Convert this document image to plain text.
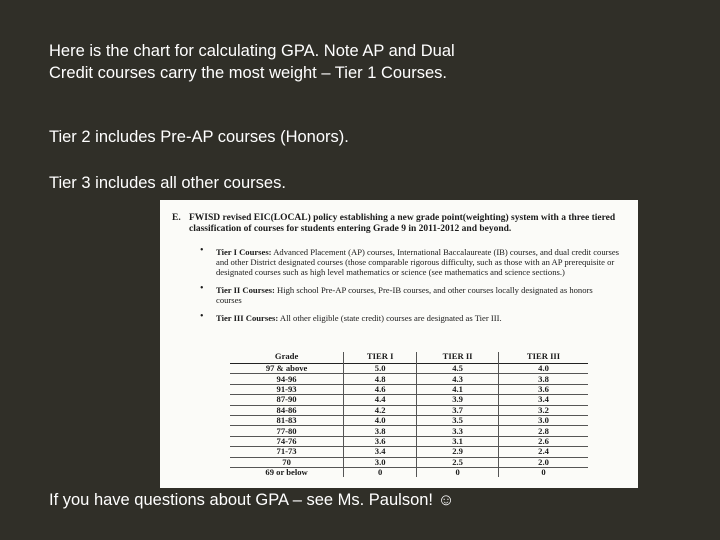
Here is the chart for calculating GPA. Note AP and Dual Credit courses carry the most weight – Tier 1 Courses.
Tier 2 includes Pre-AP courses (Honors).
Tier 3 includes all other courses.
E. FWISD revised EIC(LOCAL) policy establishing a new grade point(weighting) system with a three tiered classification of courses for students entering Grade 9 in 2011-2012 and beyond.
• Tier I Courses: Advanced Placement (AP) courses, International Baccalaureate (IB) courses, and dual credit courses and other District designated courses (those comparable rigorous difficulty, such as those with an AP prerequisite or designated courses such as high level mathematics or science (see mathematics and science sections.)
• Tier II Courses: High school Pre-AP courses, Pre-IB courses, and other courses locally designated as honors courses
• Tier III Courses: All other eligible (state credit) courses are designated as Tier III.
Grade	TIER I	TIER II	TIER III
97 & above	5.0	4.5	4.0
94-96	4.8	4.3	3.8
91-93	4.6	4.1	3.6
87-90	4.4	3.9	3.4
84-86	4.2	3.7	3.2
81-83	4.0	3.5	3.0
77-80	3.8	3.3	2.8
74-76	3.6	3.1	2.6
71-73	3.4	2.9	2.4
70	3.0	2.5	2.0
69 or below	0	0	0
If you have questions about GPA – see Ms. Paulson! ☺
